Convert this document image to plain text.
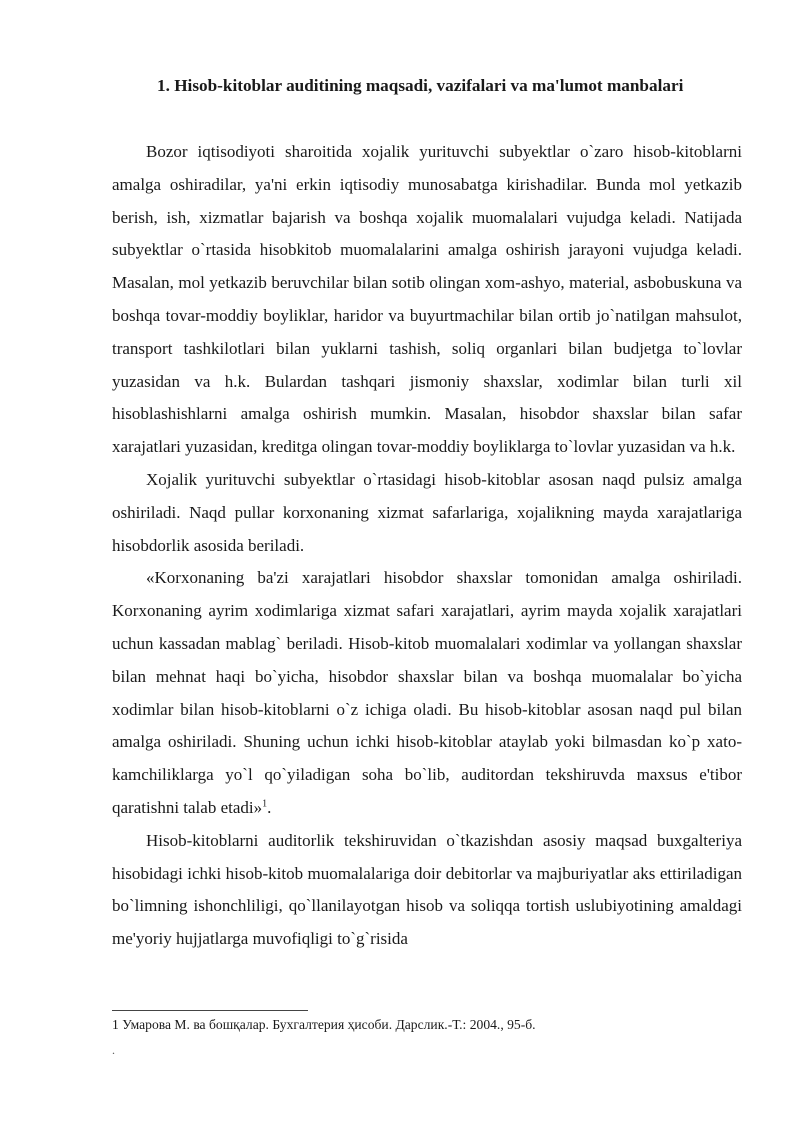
1. Hisob-kitoblar auditining maqsadi, vazifalari va ma'lumot manbalari

Bozor iqtisodiyoti sharoitida xojalik yurituvchi subyektlar o`zaro hisob-kitoblarni amalga oshiradilar, ya'ni erkin iqtisodiy munosabatga kirishadilar. Bunda mol yetkazib berish, ish, xizmatlar bajarish va boshqa xojalik muomalalari vujudga keladi. Natijada subyektlar o`rtasida hisobkitob muomalalarini amalga oshirish jarayoni vujudga keladi. Masalan, mol yetkazib beruvchilar bilan sotib olingan xom-ashyo, material, asbobuskuna va boshqa tovar-moddiy boyliklar, haridor va buyurtmachilar bilan ortib jo`natilgan mahsulot, transport tashkilotlari bilan yuklarni tashish, soliq organlari bilan budjetga to`lovlar yuzasidan va h.k. Bulardan tashqari jismoniy shaxslar, xodimlar bilan turli xil hisoblashishlarni amalga oshirish mumkin. Masalan, hisobdor shaxslar bilan safar xarajatlari yuzasidan, kreditga olingan tovar-moddiy boyliklarga to`lovlar yuzasidan va h.k.

Xojalik yurituvchi subyektlar o`rtasidagi hisob-kitoblar asosan naqd pulsiz amalga oshiriladi. Naqd pullar korxonaning xizmat safarlariga, xojalikning mayda xarajatlariga hisobdorlik asosida beriladi.

«Korxonaning ba'zi xarajatlari hisobdor shaxslar tomonidan amalga oshiriladi. Korxonaning ayrim xodimlariga xizmat safari xarajatlari, ayrim mayda xojalik xarajatlari uchun kassadan mablag` beriladi. Hisob-kitob muomalalari xodimlar va yollangan shaxslar bilan mehnat haqi bo`yicha, hisobdor shaxslar bilan va boshqa muomalalar bo`yicha xodimlar bilan hisob-kitoblarni o`z ichiga oladi. Bu hisob-kitoblar asosan naqd pul bilan amalga oshiriladi. Shuning uchun ichki hisob-kitoblar ataylab yoki bilmasdan ko`p xato-kamchiliklarga yo`l qo`yiladigan soha bo`lib, auditordan tekshiruvda maxsus e'tibor qaratishni talab etadi»$^1$.

Hisob-kitoblarni auditorlik tekshiruvidan o`tkazishdan asosiy maqsad buxgalteriya hisobidagi ichki hisob-kitob muomalalariga doir debitorlar va majburiyatlar aks ettiriladigan bo`limning ishonchliligi, qo`llanilayotgan hisob va soliqqa tortish uslubiyotining amaldagi me'yoriy hujjatlarga muvofiqligi to`g`risida

1 Умарова М. ва бошқалар. Бухгалтерия ҳисоби. Дарслик.-Т.: 2004., 95-б.
.
